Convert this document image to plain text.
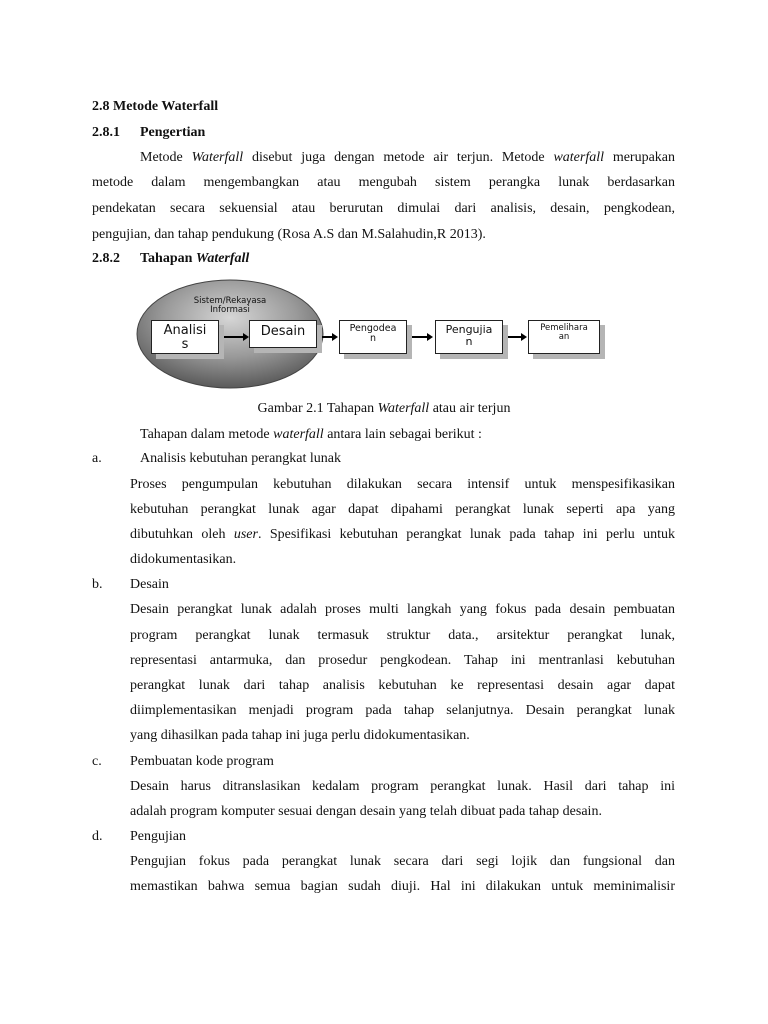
2.8 Metode Waterfall
2.8.1 Pengertian
Metode Waterfall disebut juga dengan metode air terjun. Metode waterfall merupakan
metode dalam mengembangkan atau mengubah sistem perangka lunak berdasarkan
pendekatan secara sekuensial atau berurutan dimulai dari analisis, desain, pengkodean,
pengujian, dan tahap pendukung (Rosa A.S dan M.Salahudin,R 2013).
2.8.2 Tahapan Waterfall
Sistem/Rekayasa
Informasi
Analisi
s
Desain	Pengodea
n
Pengujia
n
Pemelihara
an
Gambar 2.1 Tahapan Waterfall atau air terjun
Tahapan dalam metode waterfall antara lain sebagai berikut :
a.	Analisis kebutuhan perangkat lunak
Proses pengumpulan kebutuhan dilakukan secara intensif untuk menspesifikasikan
kebutuhan perangkat lunak agar dapat dipahami perangkat lunak seperti apa yang
dibutuhkan oleh user. Spesifikasi kebutuhan perangkat lunak pada tahap ini perlu untuk
didokumentasikan.
b. Desain
Desain perangkat lunak adalah proses multi langkah yang fokus pada desain pembuatan
program perangkat lunak termasuk struktur data., arsitektur perangkat lunak,
representasi antarmuka, dan prosedur pengkodean. Tahap ini mentranlasi kebutuhan
perangkat lunak dari tahap analisis kebutuhan ke representasi desain agar dapat
diimplementasikan menjadi program pada tahap selanjutnya. Desain perangkat lunak
yang dihasilkan pada tahap ini juga perlu didokumentasikan.
c. Pembuatan kode program
Desain harus ditranslasikan kedalam program perangkat lunak. Hasil dari tahap ini
adalah program komputer sesuai dengan desain yang telah dibuat pada tahap desain.
d. Pengujian
Pengujian fokus pada perangkat lunak secara dari segi lojik dan fungsional dan
memastikan bahwa semua bagian sudah diuji. Hal ini dilakukan untuk meminimalisir
